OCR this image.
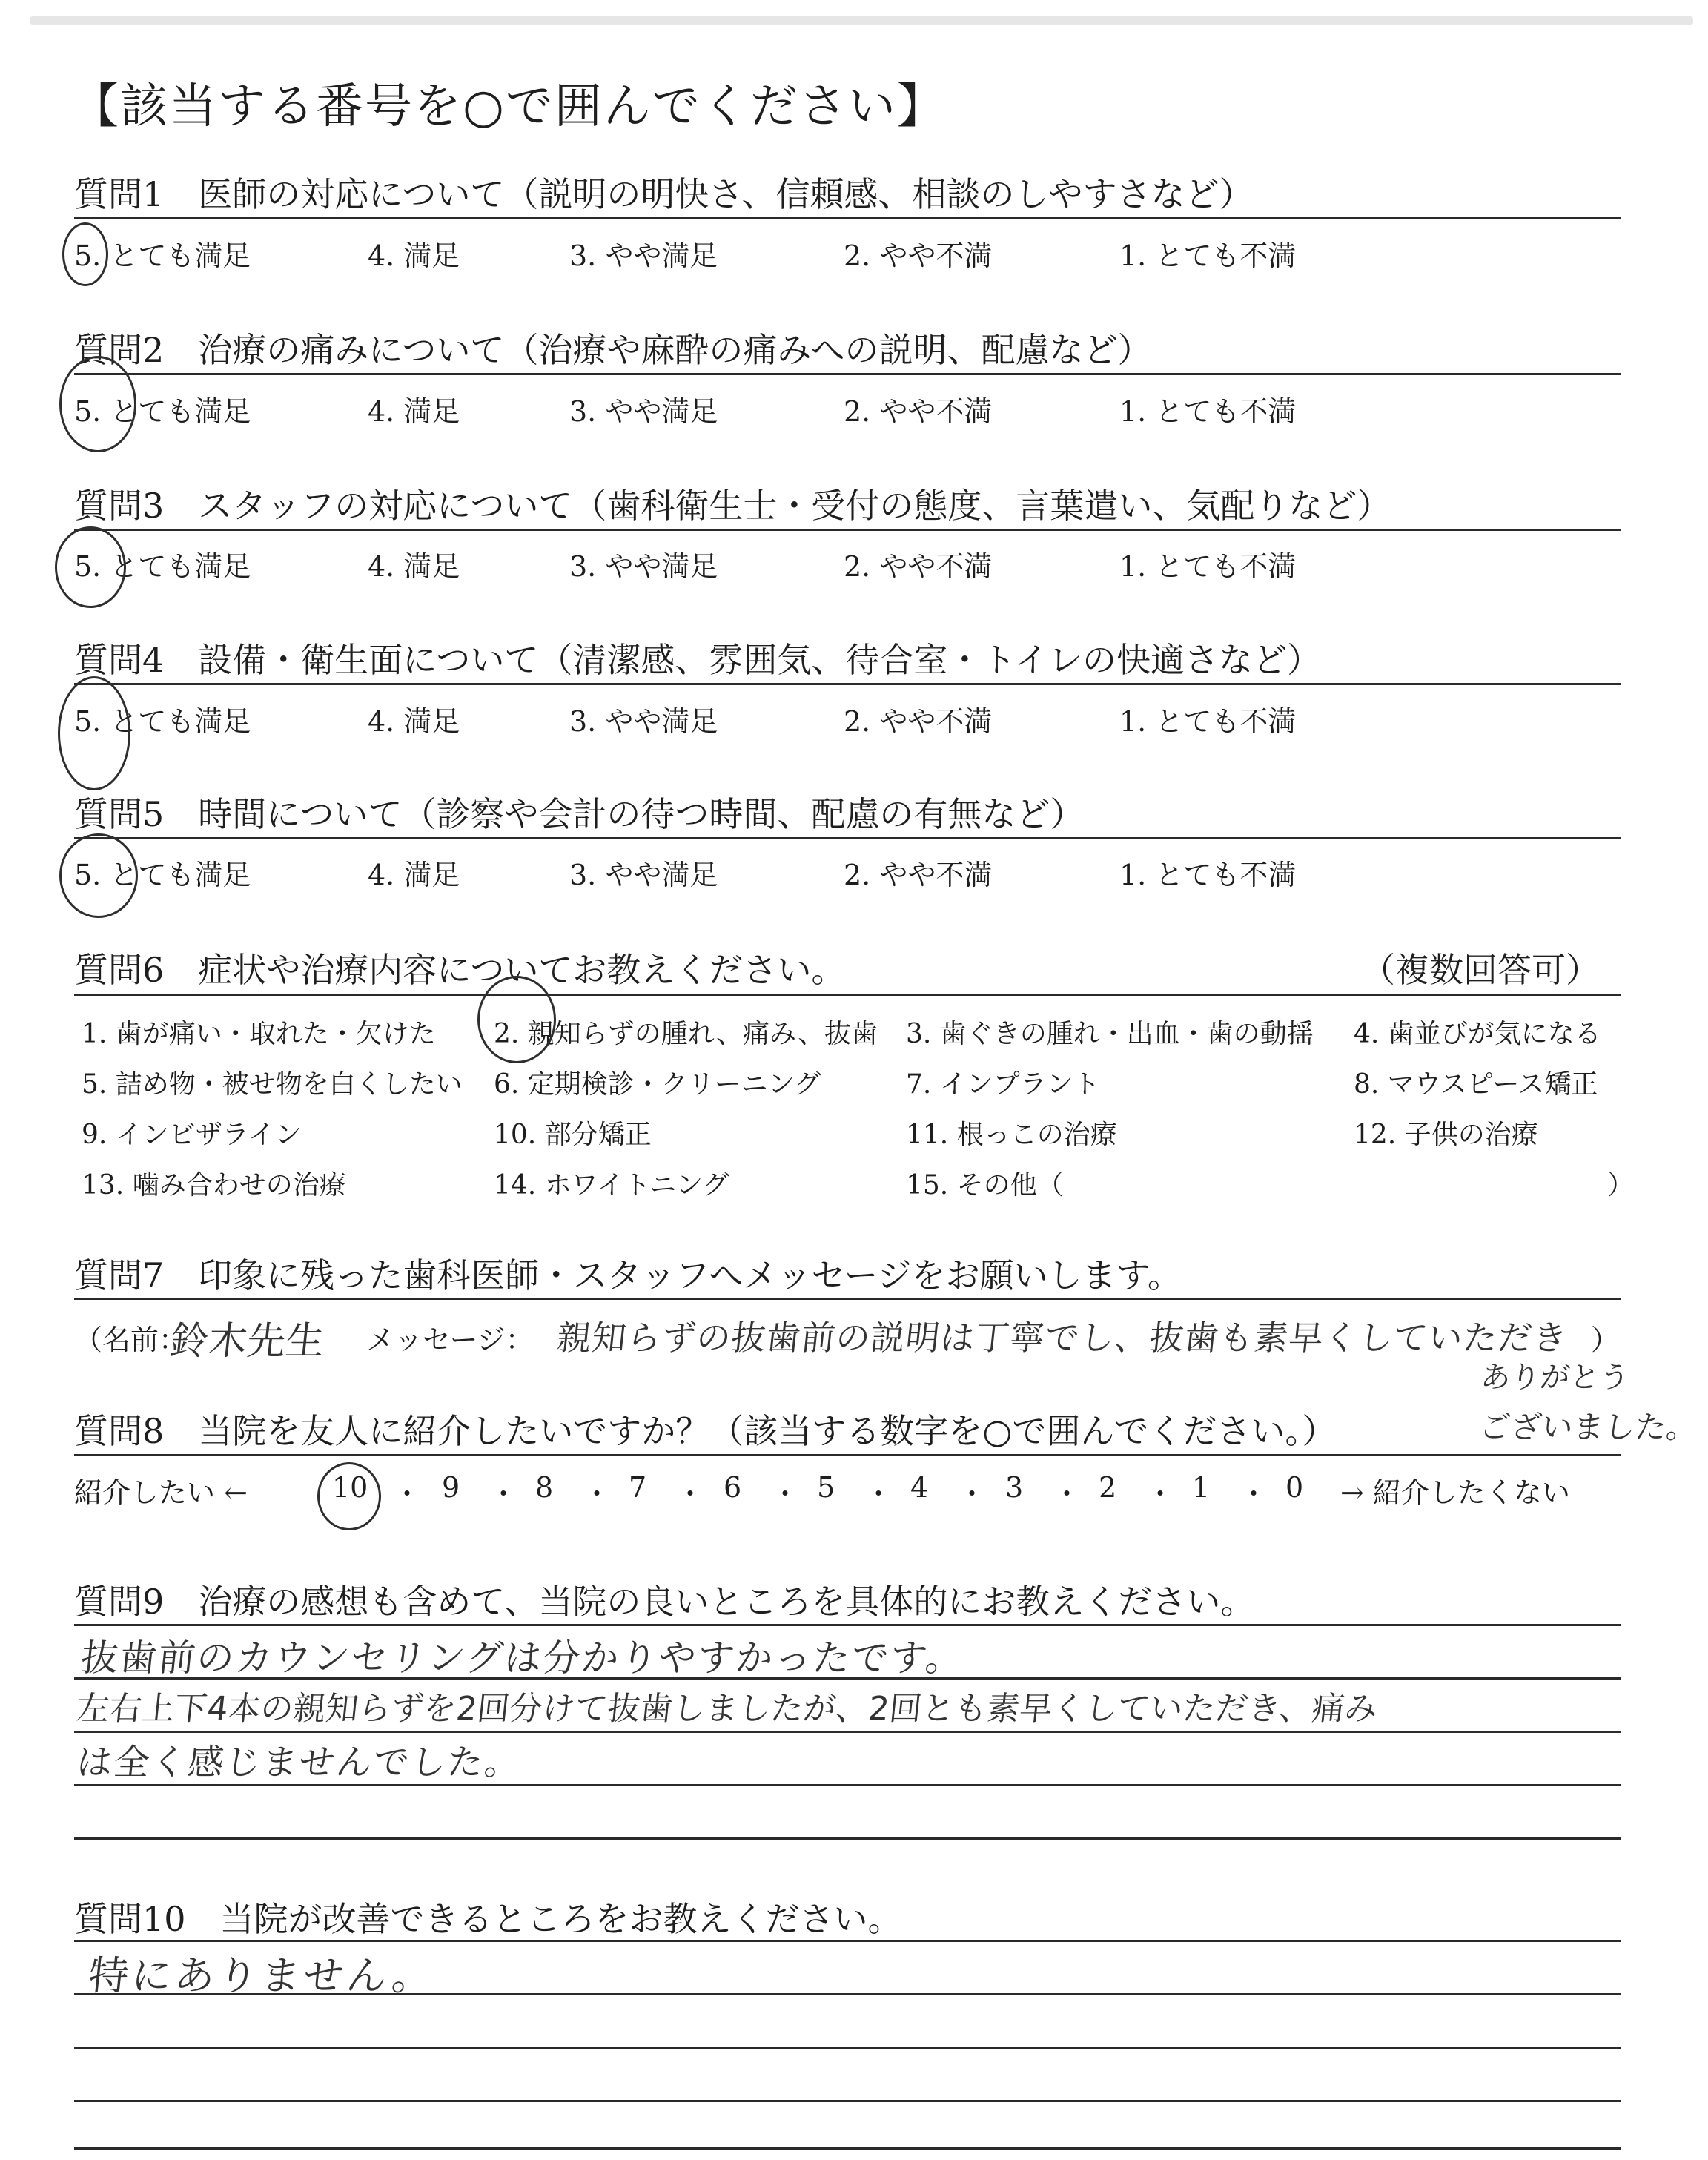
【該当する番号を○で囲んでください】
質問1　 医師の対応について（説明の明快さ、信頼感、相談のしやすさなど）
5. とても満足	4. 満足	3. やや満足	2. やや不満	1. とても不満
質問2　 治療の痛みについて（治療や麻酔の痛みへの説明、配慮など）
5. とても満足	4. 満足	3. やや満足	2. やや不満	1. とても不満
質問3　 スタッフの対応について（歯科衛生士・受付の態度、言葉遣い、気配りなど）
5. とても満足	4. 満足	3. やや満足	2. やや不満	1. とても不満
質問4　 設備・衛生面について（清潔感、雰囲気、待合室・トイレの快適さなど）
5. とても満足	4. 満足	3. やや満足	2. やや不満	1. とても不満
質問5　 時間について（診察や会計の待つ時間、配慮の有無など）
5. とても満足	4. 満足	3. やや満足	2. やや不満	1. とても不満
質問6　 症状や治療内容についてお教えください。	（複数回答可）
1. 歯が痛い・取れた・欠けた 2. 親知らずの腫れ、痛み、抜歯 3. 歯ぐきの腫れ・出血・歯の動揺 4. 歯並びが気になる
5. 詰め物・被せ物を白くしたい 6. 定期検診・クリーニング	7. インプラント	8. マウスピース矯正
9. インビザライン	10. 部分矯正	11. 根っこの治療	12. 子供の治療
13. 噛み合わせの治療	14. ホワイトニング	15. その他（	）
質問7　 印象に残った歯科医師・スタッフへメッセージをお願いします。
（名前：
鈴木先生 メッセージ： 親知らずの抜歯前の説明は丁寧でし、抜歯も素早くしていただき ）
ありがとう
ございました。
質問8　 当院を友人に紹介したいですか？（該当する数字を○で囲んでください。）
紹介したい ←	→ 紹介したくない
10 ・ 9 ・ 8 ・ 7 ・ 6 ・ 5 ・ 4 ・ 3 ・ 2 ・ 1 ・ 0
質問9　 治療の感想も含めて、当院の良いところを具体的にお教えください。
抜歯前のカウンセリングは分かりやすかったです。
左右上下4本の親知らずを2回分けて抜歯しましたが、2回とも素早くしていただき、痛み
は全く感じませんでした。
質問10　 当院が改善できるところをお教えください。
特にありません。
